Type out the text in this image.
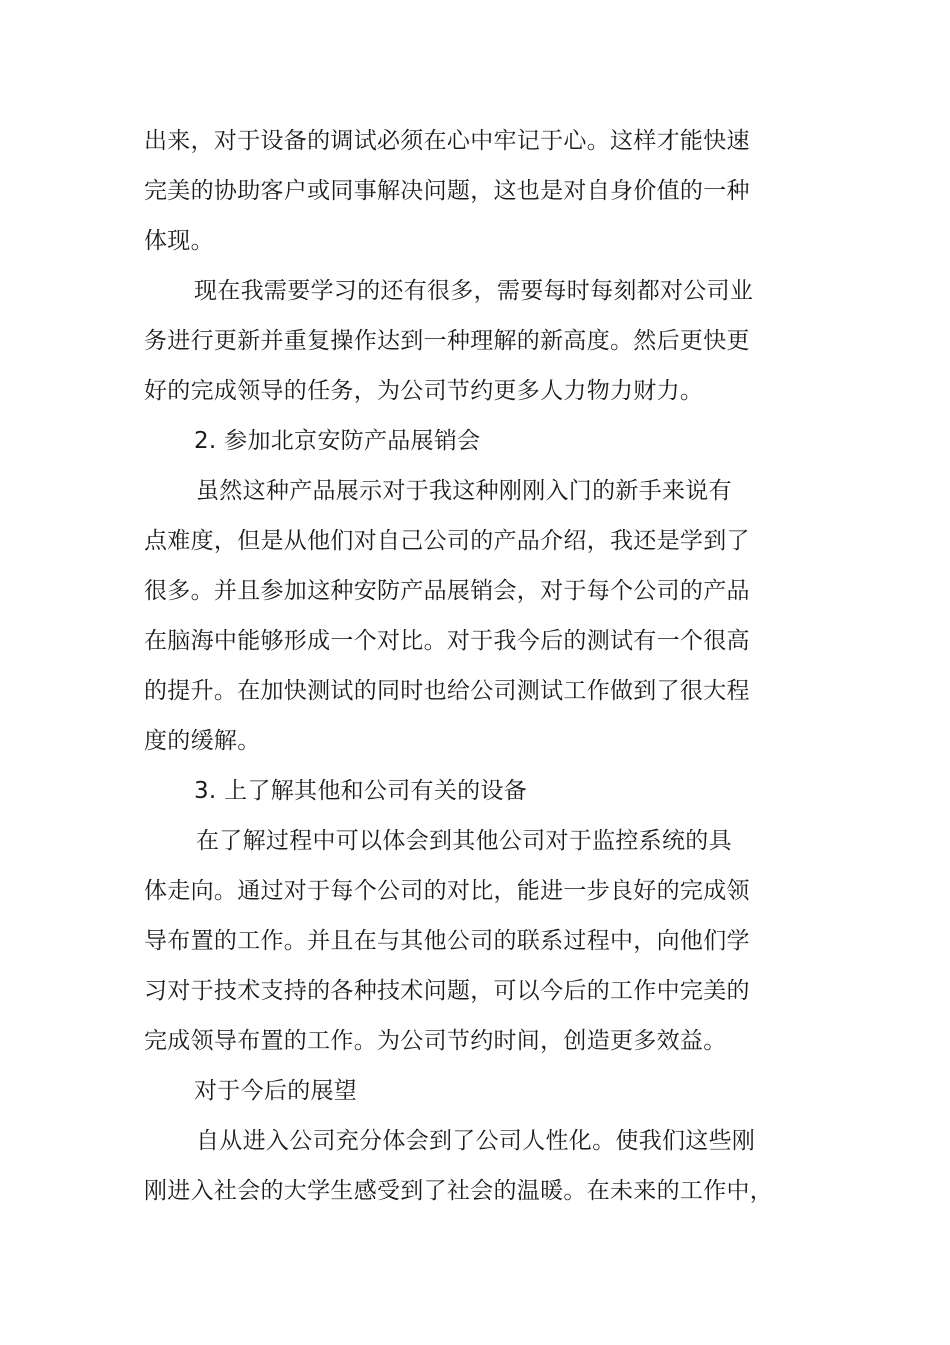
出来，对于设备的调试必须在心中牢记于心。这样才能快速
完美的协助客户或同事解决问题，这也是对自身价值的一种
体现。
现在我需要学习的还有很多，需要每时每刻都对公司业
务进行更新并重复操作达到一种理解的新高度。然后更快更
好的完成领导的任务，为公司节约更多人力物力财力。
2. 参加北京安防产品展销会
虽然这种产品展示对于我这种刚刚入门的新手来说有
点难度，但是从他们对自己公司的产品介绍，我还是学到了
很多。并且参加这种安防产品展销会，对于每个公司的产品
在脑海中能够形成一个对比。对于我今后的测试有一个很高
的提升。在加快测试的同时也给公司测试工作做到了很大程
度的缓解。
3. 上了解其他和公司有关的设备
在了解过程中可以体会到其他公司对于监控系统的具
体走向。通过对于每个公司的对比，能进一步良好的完成领
导布置的工作。并且在与其他公司的联系过程中，向他们学
习对于技术支持的各种技术问题，可以今后的工作中完美的
完成领导布置的工作。为公司节约时间，创造更多效益。
对于今后的展望
自从进入公司充分体会到了公司人性化。使我们这些刚
刚进入社会的大学生感受到了社会的温暖。在未来的工作中，
